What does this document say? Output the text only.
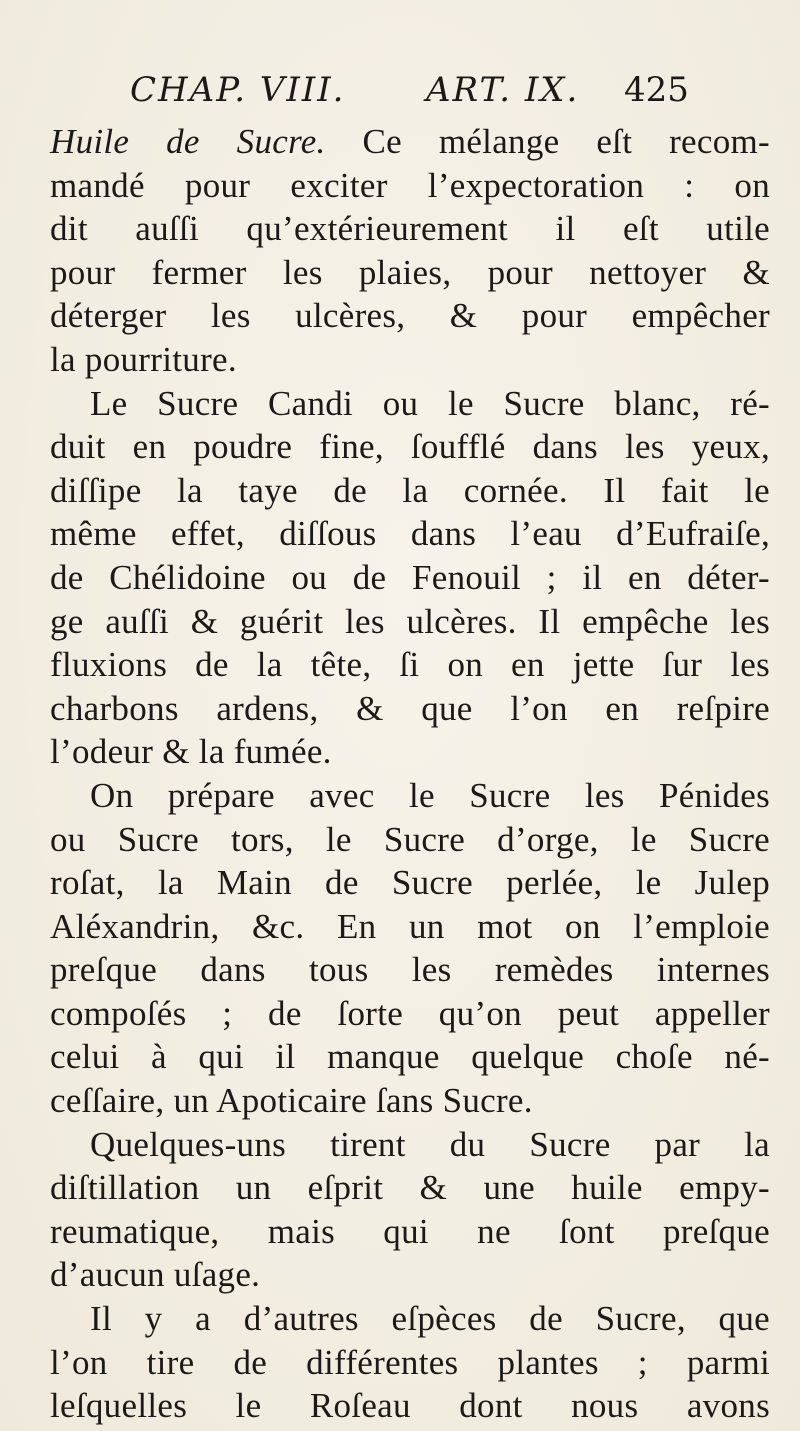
CHAP. VIII. ART. IX. 425
Huile de Sucre. Ce mélange eſt recom-
mandé pour exciter l’expectoration : on
dit auſſi qu’extérieurement il eſt utile
pour fermer les plaies, pour nettoyer &
déterger les ulcères, & pour empêcher
la pourriture.
Le Sucre Candi ou le Sucre blanc, ré-
duit en poudre fine, ſoufflé dans les yeux,
diſſipe la taye de la cornée. Il fait le
même effet, diſſous dans l’eau d’Eufraiſe,
de Chélidoine ou de Fenouil ; il en déter-
ge auſſi & guérit les ulcères. Il empêche les
fluxions de la tête, ſi on en jette ſur les
charbons ardens, & que l’on en reſpire
l’odeur & la fumée.
On prépare avec le Sucre les Pénides
ou Sucre tors, le Sucre d’orge, le Sucre
roſat, la Main de Sucre perlée, le Julep
Aléxandrin, &c. En un mot on l’emploie
preſque dans tous les remèdes internes
compoſés ; de ſorte qu’on peut appeller
celui à qui il manque quelque choſe né-
ceſſaire, un Apoticaire ſans Sucre.
Quelques-uns tirent du Sucre par la
diſtillation un eſprit & une huile empy-
reumatique, mais qui ne ſont preſque
d’aucun uſage.
Il y a d’autres eſpèces de Sucre, que
l’on tire de différentes plantes ; parmi
leſquelles le Roſeau dont nous avons
